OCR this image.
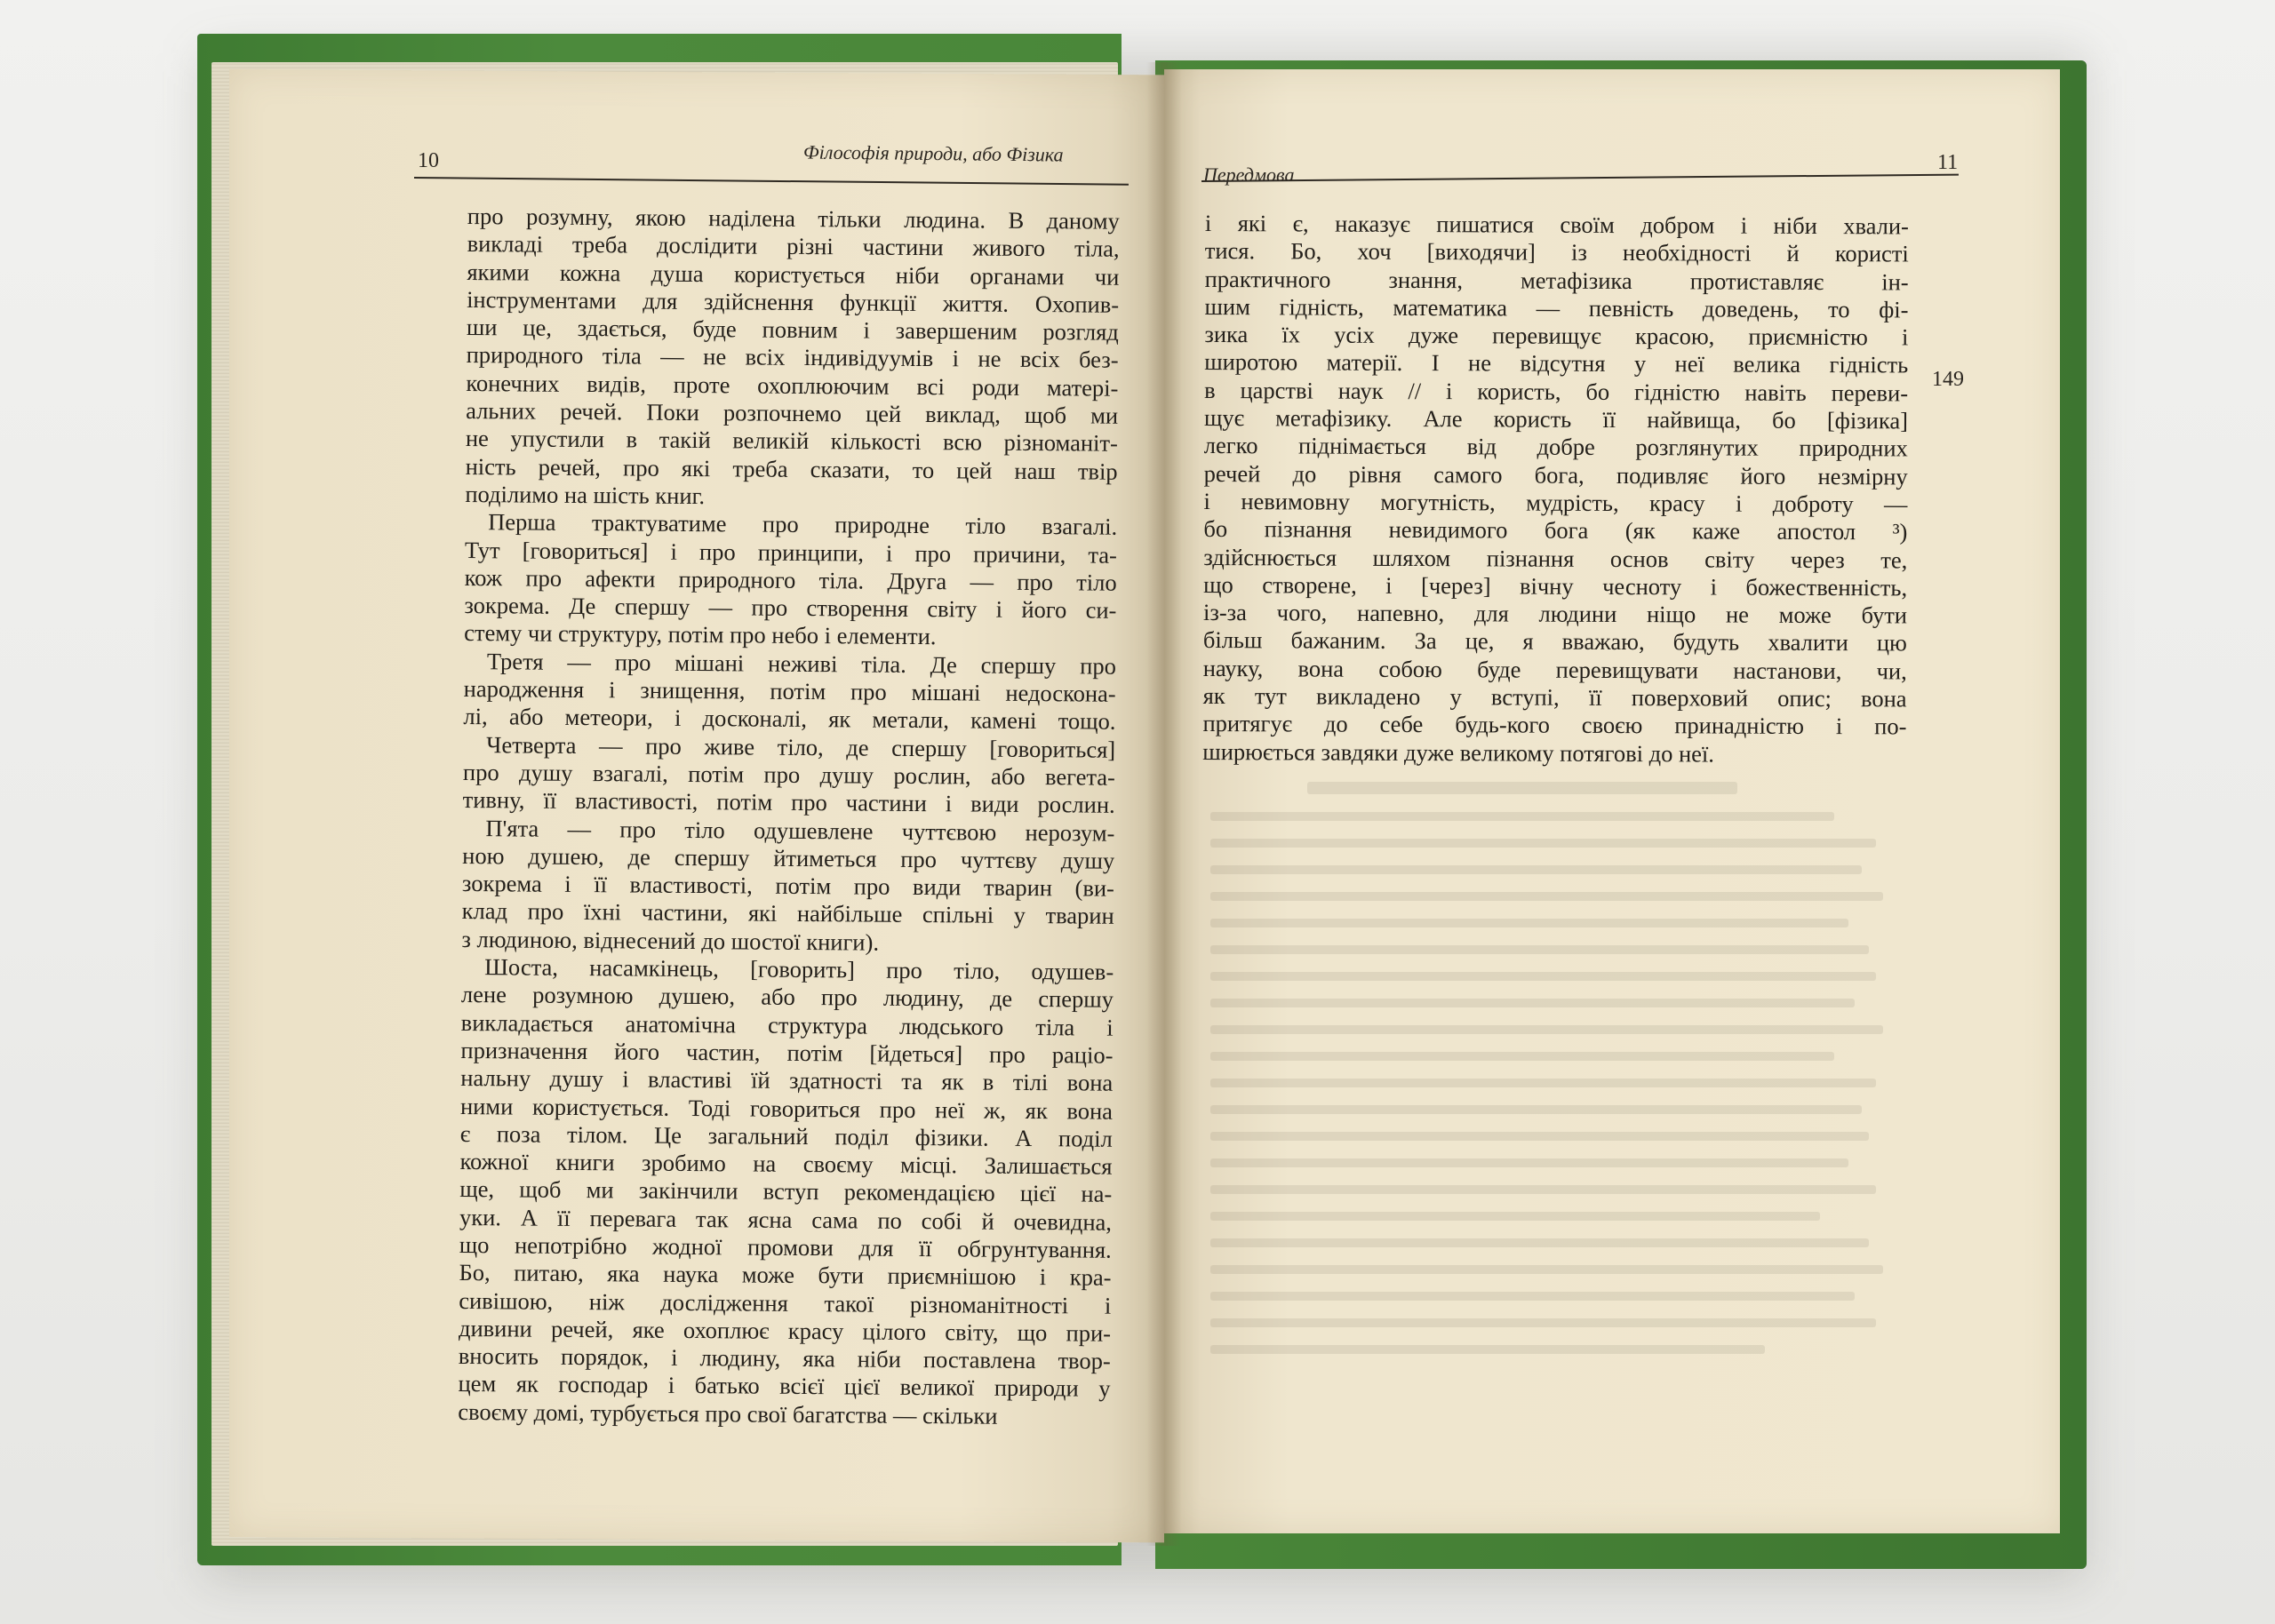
10	Філософія природи, або Фізика
Передмова
11
про розумну, якою наділена тільки людина. В даному
викладі треба дослідити різні частини живого тіла,
якими кожна душа користується ніби органами чи
інструментами для здійснення функції життя. Охопив-
ши це, здається, буде повним і завершеним розгляд
природного тіла — не всіх індивідуумів і не всіх без-
конечних видів, проте охоплюючим всі роди матері-
альних речей. Поки розпочнемо цей виклад, щоб ми
не упустили в такій великій кількості всю різноманіт-
ність речей, про які треба сказати, то цей наш твір
поділимо на шість книг.
Перша трактуватиме про природне тіло взагалі.
Тут [говориться] і про принципи, і про причини, та-
кож про афекти природного тіла. Друга — про тіло
зокрема. Де спершу — про створення світу і його си-
стему чи структуру, потім про небо і елементи.
Третя — про мішані неживі тіла. Де спершу про
народження і знищення, потім про мішані недоскона-
лі, або метеори, і досконалі, як метали, камені тощо.
Четверта — про живе тіло, де спершу [говориться]
про душу взагалі, потім про душу рослин, або вегета-
тивну, її властивості, потім про частини і види рослин.
П'ята — про тіло одушевлене чуттєвою нерозум-
ною душею, де спершу йтиметься про чуттєву душу
зокрема і її властивості, потім про види тварин (ви-
клад про їхні частини, які найбільше спільні у тварин
з людиною, віднесений до шостої книги).
Шоста, насамкінець, [говорить] про тіло, одушев-
лене розумною душею, або про людину, де спершу
викладається анатомічна структура людського тіла і
призначення його частин, потім [йдеться] про раціо-
нальну душу і властиві їй здатності та як в тілі вона
ними користується. Тоді говориться про неї ж, як вона
є поза тілом. Це загальний поділ фізики. А поділ
кожної книги зробимо на своєму місці. Залишається
ще, щоб ми закінчили вступ рекомендацією цієї на-
уки. А її перевага так ясна сама по собі й очевидна,
що непотрібно жодної промови для її обгрунтування.
Бо, питаю, яка наука може бути приємнішою і кра-
сивішою, ніж дослідження такої різноманітності і
дивини речей, яке охоплює красу цілого світу, що при-
вносить порядок, і людину, яка ніби поставлена твор-
цем як господар і батько всієї цієї великої природи у
своєму домі, турбується про свої багатства — скільки
і які є, наказує пишатися своїм добром і ніби хвали-
тися. Бо, хоч [виходячи] із необхідності й користі
практичного знання, метафізика протиставляє ін-
шим гідність, математика — певність доведень, то фі-
зика їх усіх дуже перевищує красою, приємністю і
широтою матерії. І не відсутня у неї велика гідність
в царстві наук // і користь, бо гідністю навіть переви-
щує метафізику. Але користь її найвища, бо [фізика]
легко піднімається від добре розглянутих природних
речей до рівня самого бога, подивляє його незмірну
і невимовну могутність, мудрість, красу і доброту —
бо пізнання невидимого бога (як каже апостол ³)
здійснюється шляхом пізнання основ світу через те,
що створене, і [через] вічну чесноту і божественність,
із-за чого, напевно, для людини ніщо не може бути
більш бажаним. За це, я вважаю, будуть хвалити цю
науку, вона собою буде перевищувати настанови, чи,
як тут викладено у вступі, її поверховий опис; вона
притягує до себе будь-кого своєю принадністю і по-
ширюється завдяки дуже великому потягові до неї.
149
